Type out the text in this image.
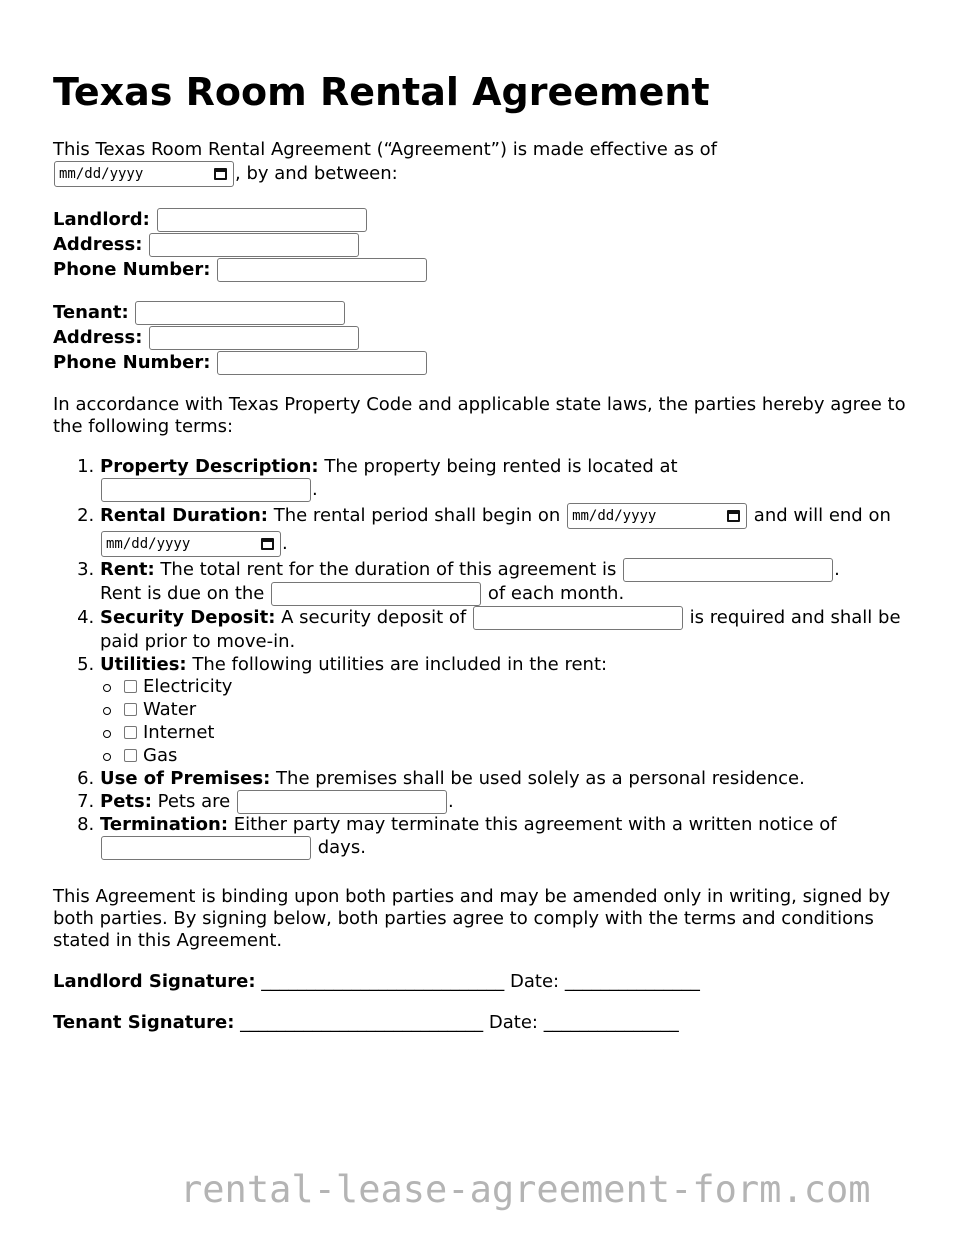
Texas Room Rental Agreement
This Texas Room Rental Agreement (“Agreement”) is made effective as of

mm/dd/yyyy	, by and between:
Landlord:
Address:
Phone Number:
Tenant:
Address:
Phone Number:
In accordance with Texas Property Code and applicable state laws, the parties hereby agree to the following terms:
1. Property Description: The property being rented is located at
.
2. Rental Duration: The rental period shall begin on mm/dd/yyyy	and will end on
mm/dd/yyyy	.
3. Rent: The total rent for the duration of this agreement is	.
Rent is due on the	of each month.
4. Security Deposit: A security deposit of	is required and shall be paid prior to move-in.
5. Utilities: The following utilities are included in the rent:
Electricity
Water
Internet
Gas
6. Use of Premises: The premises shall be used solely as a personal residence.
7. Pets: Pets are	.
8. Termination: Either party may terminate this agreement with a written notice of
days.
This Agreement is binding upon both parties and may be amended only in writing, signed by both parties. By signing below, both parties agree to comply with the terms and conditions stated in this Agreement.
Landlord Signature: ___________________________ Date: _______________
Tenant Signature: ___________________________ Date: _______________
rental-lease-agreement-form.com
